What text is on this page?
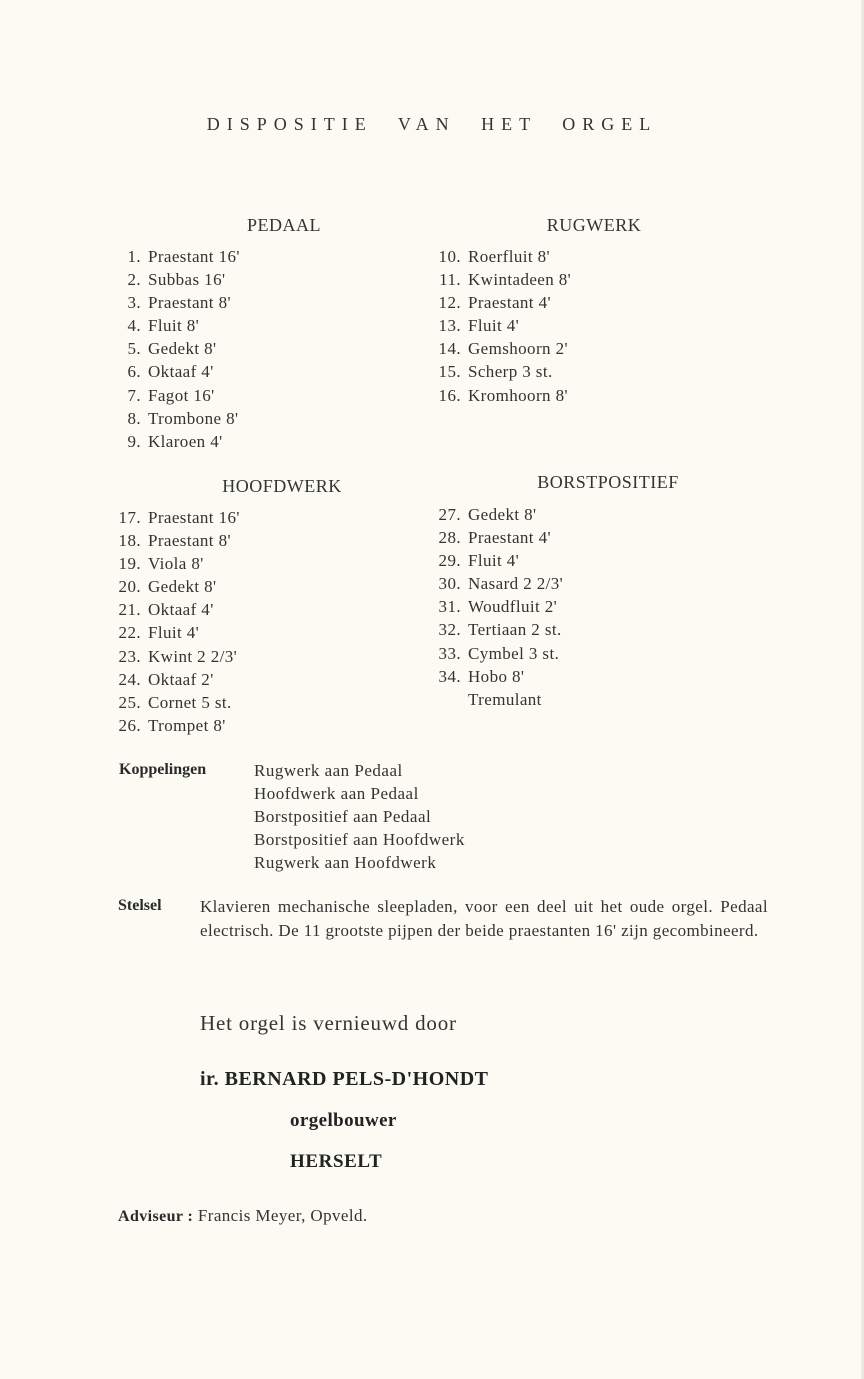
DISPOSITIE VAN HET ORGEL
PEDAAL
1. Praestant 16'
2. Subbas 16'
3. Praestant 8'
4. Fluit 8'
5. Gedekt 8'
6. Oktaaf 4'
7. Fagot 16'
8. Trombone 8'
9. Klaroen 4'
RUGWERK
10. Roerfluit 8'
11. Kwintadeen 8'
12. Praestant 4'
13. Fluit 4'
14. Gemshoorn 2'
15. Scherp 3 st.
16. Kromhoorn 8'
HOOFDWERK
17. Praestant 16'
18. Praestant 8'
19. Viola 8'
20. Gedekt 8'
21. Oktaaf 4'
22. Fluit 4'
23. Kwint 2 2/3'
24. Oktaaf 2'
25. Cornet 5 st.
26. Trompet 8'
BORSTPOSITIEF
27. Gedekt 8'
28. Praestant 4'
29. Fluit 4'
30. Nasard 2 2/3'
31. Woudfluit 2'
32. Tertiaan 2 st.
33. Cymbel 3 st.
34. Hobo 8'
Tremulant
Koppelingen	Rugwerk aan Pedaal
Hoofdwerk aan Pedaal
Borstpositief aan Pedaal
Borstpositief aan Hoofdwerk
Rugwerk aan Hoofdwerk
Stelsel Klavieren mechanische sleepladen, voor een deel uit het oude orgel. Pedaal electrisch. De 11 grootste pijpen der beide praestanten 16' zijn gecombineerd.

Het orgel is vernieuwd door
ir. BERNARD PELS-D'HONDT
orgelbouwer
HERSELT
Adviseur : Francis Meyer, Opveld.
